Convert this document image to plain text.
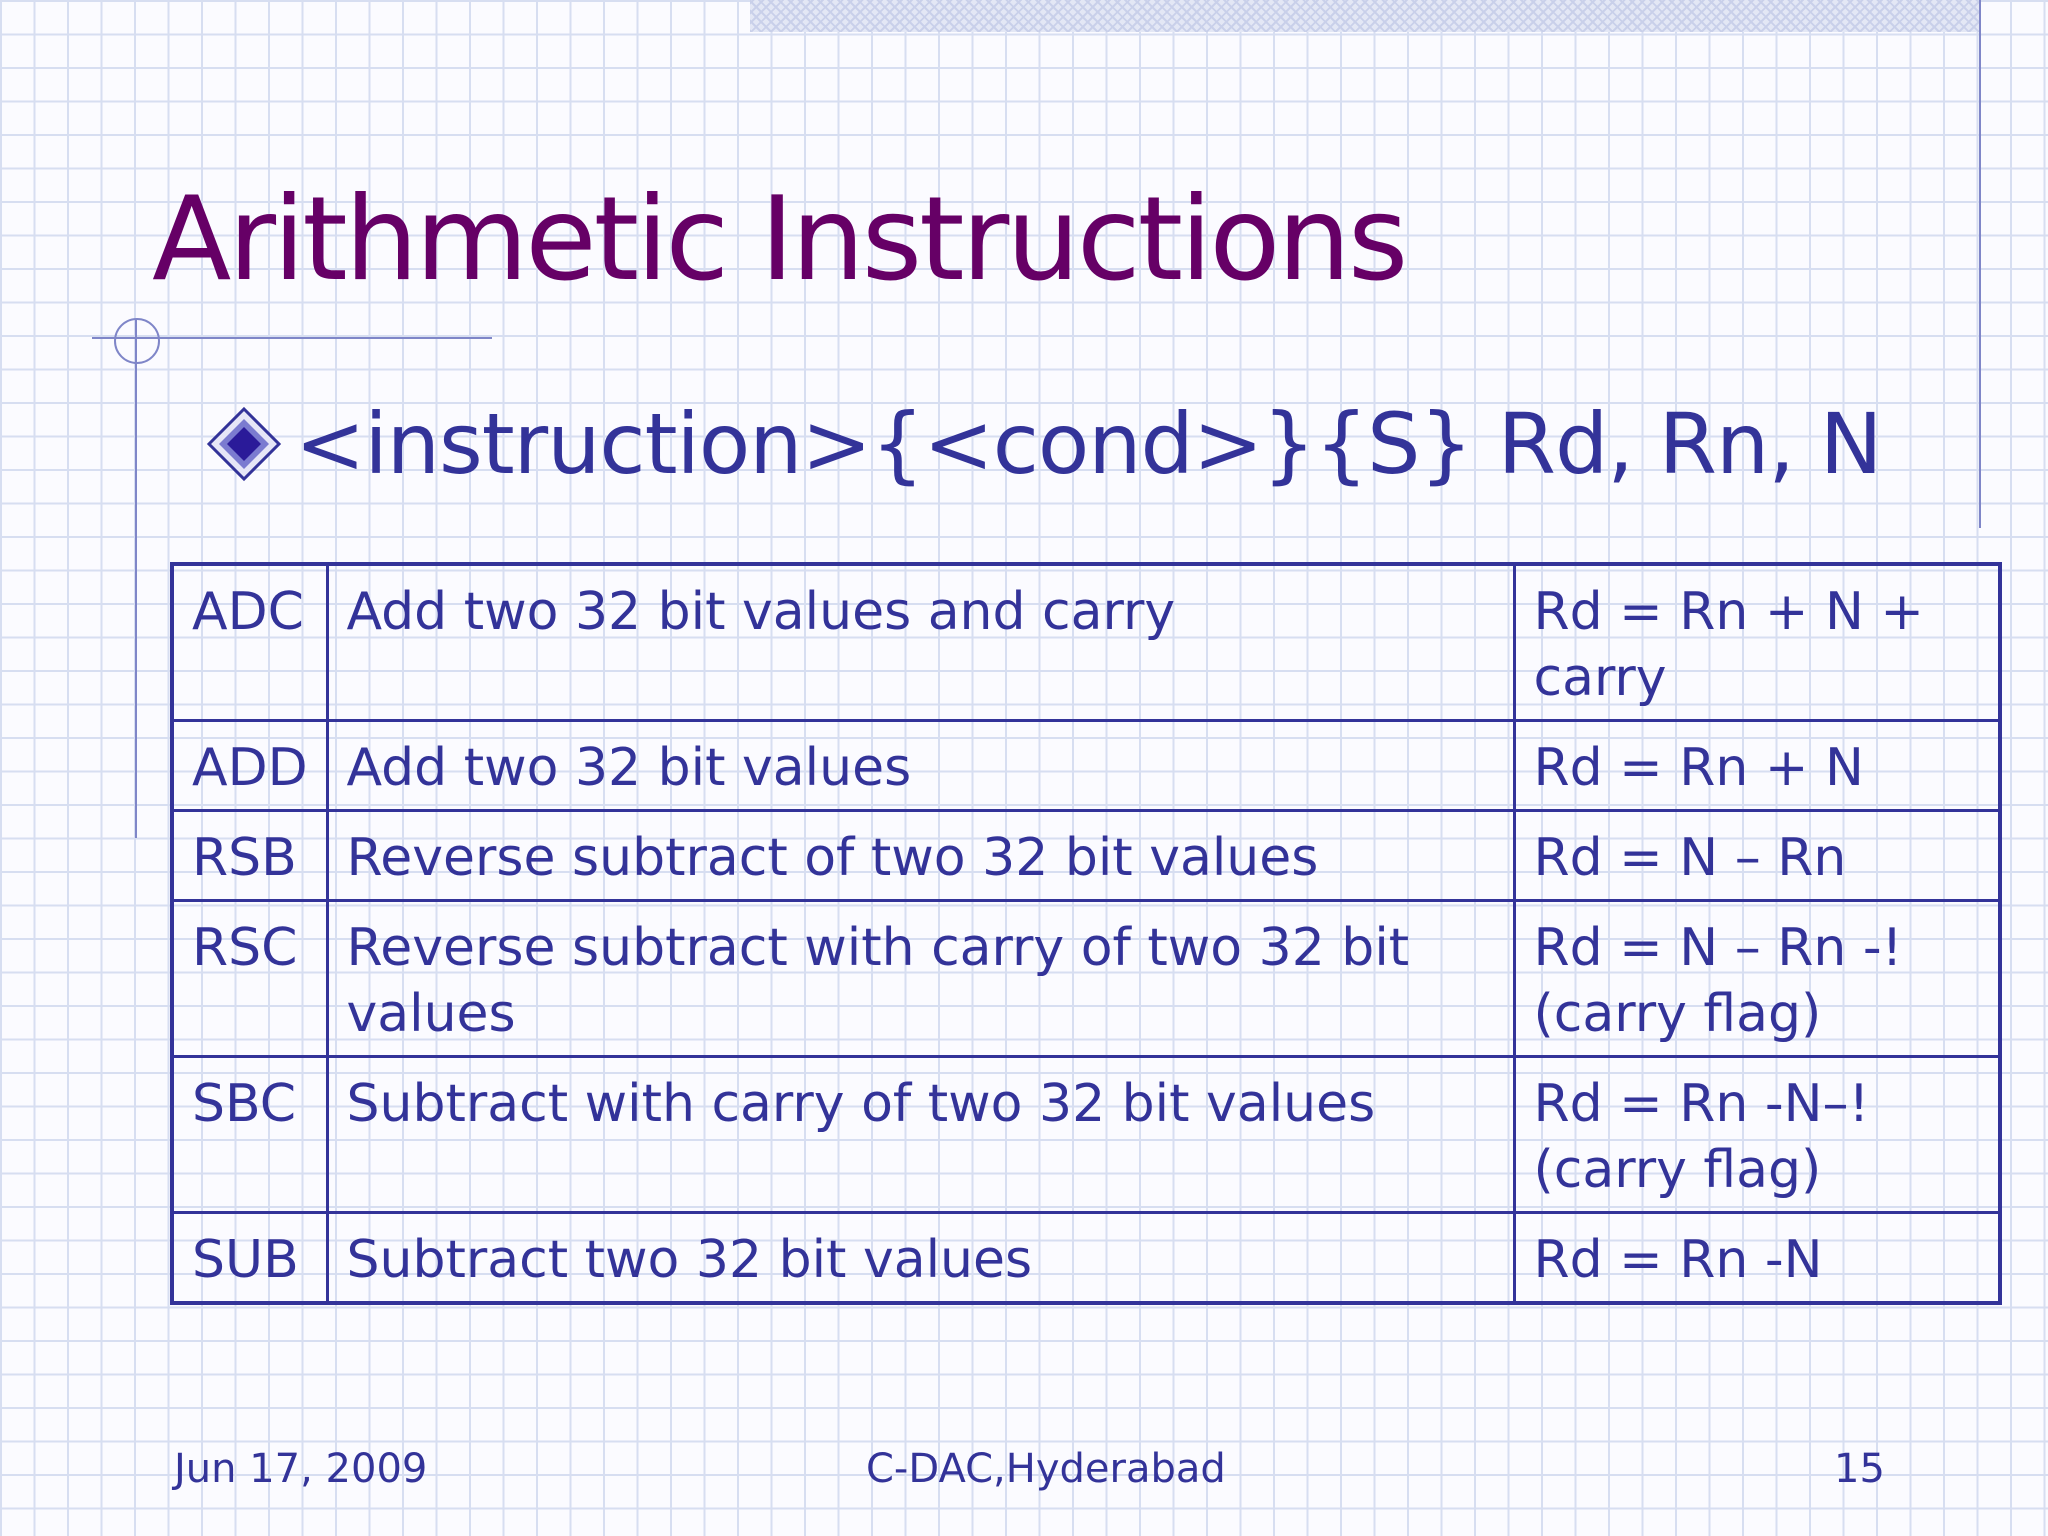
Arithmetic Instructions
<instruction>{<cond>}{S} Rd, Rn, N
ADC	Add two 32 bit values and carry	Rd = Rn + N + carry
ADD	Add two 32 bit values	Rd = Rn + N
RSB	Reverse subtract of two 32 bit values	Rd = N – Rn
RSC	Reverse subtract with carry of two 32 bit values	Rd = N – Rn -!(carry flag)
SBC	Subtract with carry of two 32 bit values	Rd = Rn -N–!(carry flag)
SUB	Subtract two 32 bit values	Rd = Rn -N
Jun 17, 2009	C-DAC,Hyderabad	15
